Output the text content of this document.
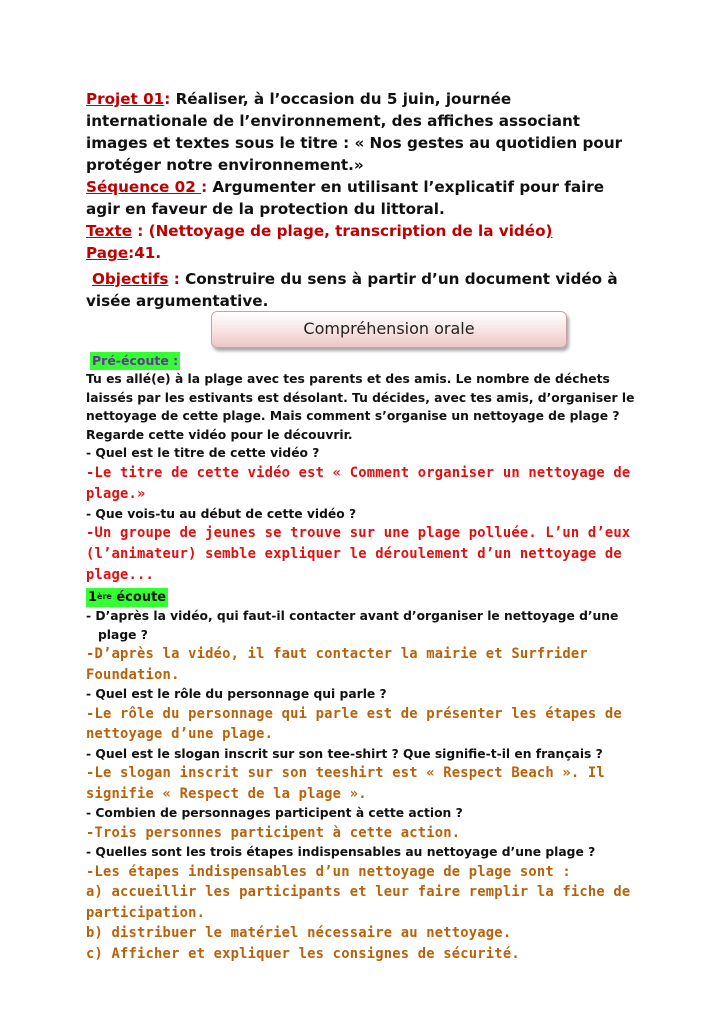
Projet 01: Réaliser, à l’occasion du 5 juin, journée internationale de l’environnement, des affiches associant images et textes sous le titre : « Nos gestes au quotidien pour protéger notre environnement.»

Séquence 02 : Argumenter en utilisant l’explicatif pour faire agir en faveur de la protection du littoral.

Texte : (Nettoyage de plage, transcription de la vidéo) Page:41.

Objectifs : Construire du sens à partir d’un document vidéo à visée argumentative.

Compréhension orale
Pré-écoute :

Tu es allé(e) à la plage avec tes parents et des amis. Le nombre de déchets laissés par les estivants est désolant. Tu décides, avec tes amis, d’organiser le nettoyage de cette plage. Mais comment s’organise un nettoyage de plage ?

Regarde cette vidéo pour le découvrir.

- Quel est le titre de cette vidéo ?

-Le titre de cette vidéo est « Comment organiser un nettoyage de plage.»

- Que vois-tu au début de cette vidéo ?

-Un groupe de jeunes se trouve sur une plage polluée. L’un d’eux (l’animateur) semble expliquer le déroulement d’un nettoyage de plage...

1ère écoute

- D’après la vidéo, qui faut-il contacter avant d’organiser le nettoyage d’une
plage ?

-D’après la vidéo, il faut contacter la mairie et Surfrider Foundation.

- Quel est le rôle du personnage qui parle ?

-Le rôle du personnage qui parle est de présenter les étapes de nettoyage d’une plage.

- Quel est le slogan inscrit sur son tee-shirt ? Que signifie-t-il en français ?

-Le slogan inscrit sur son teeshirt est « Respect Beach ». Il signifie « Respect de la plage ».

- Combien de personnages participent à cette action ?

-Trois personnes participent à cette action.

- Quelles sont les trois étapes indispensables au nettoyage d’une plage ?

-Les étapes indispensables d’un nettoyage de plage sont :

a) accueillir les participants et leur faire remplir la fiche de participation.

b) distribuer le matériel nécessaire au nettoyage.

c) Afficher et expliquer les consignes de sécurité.
